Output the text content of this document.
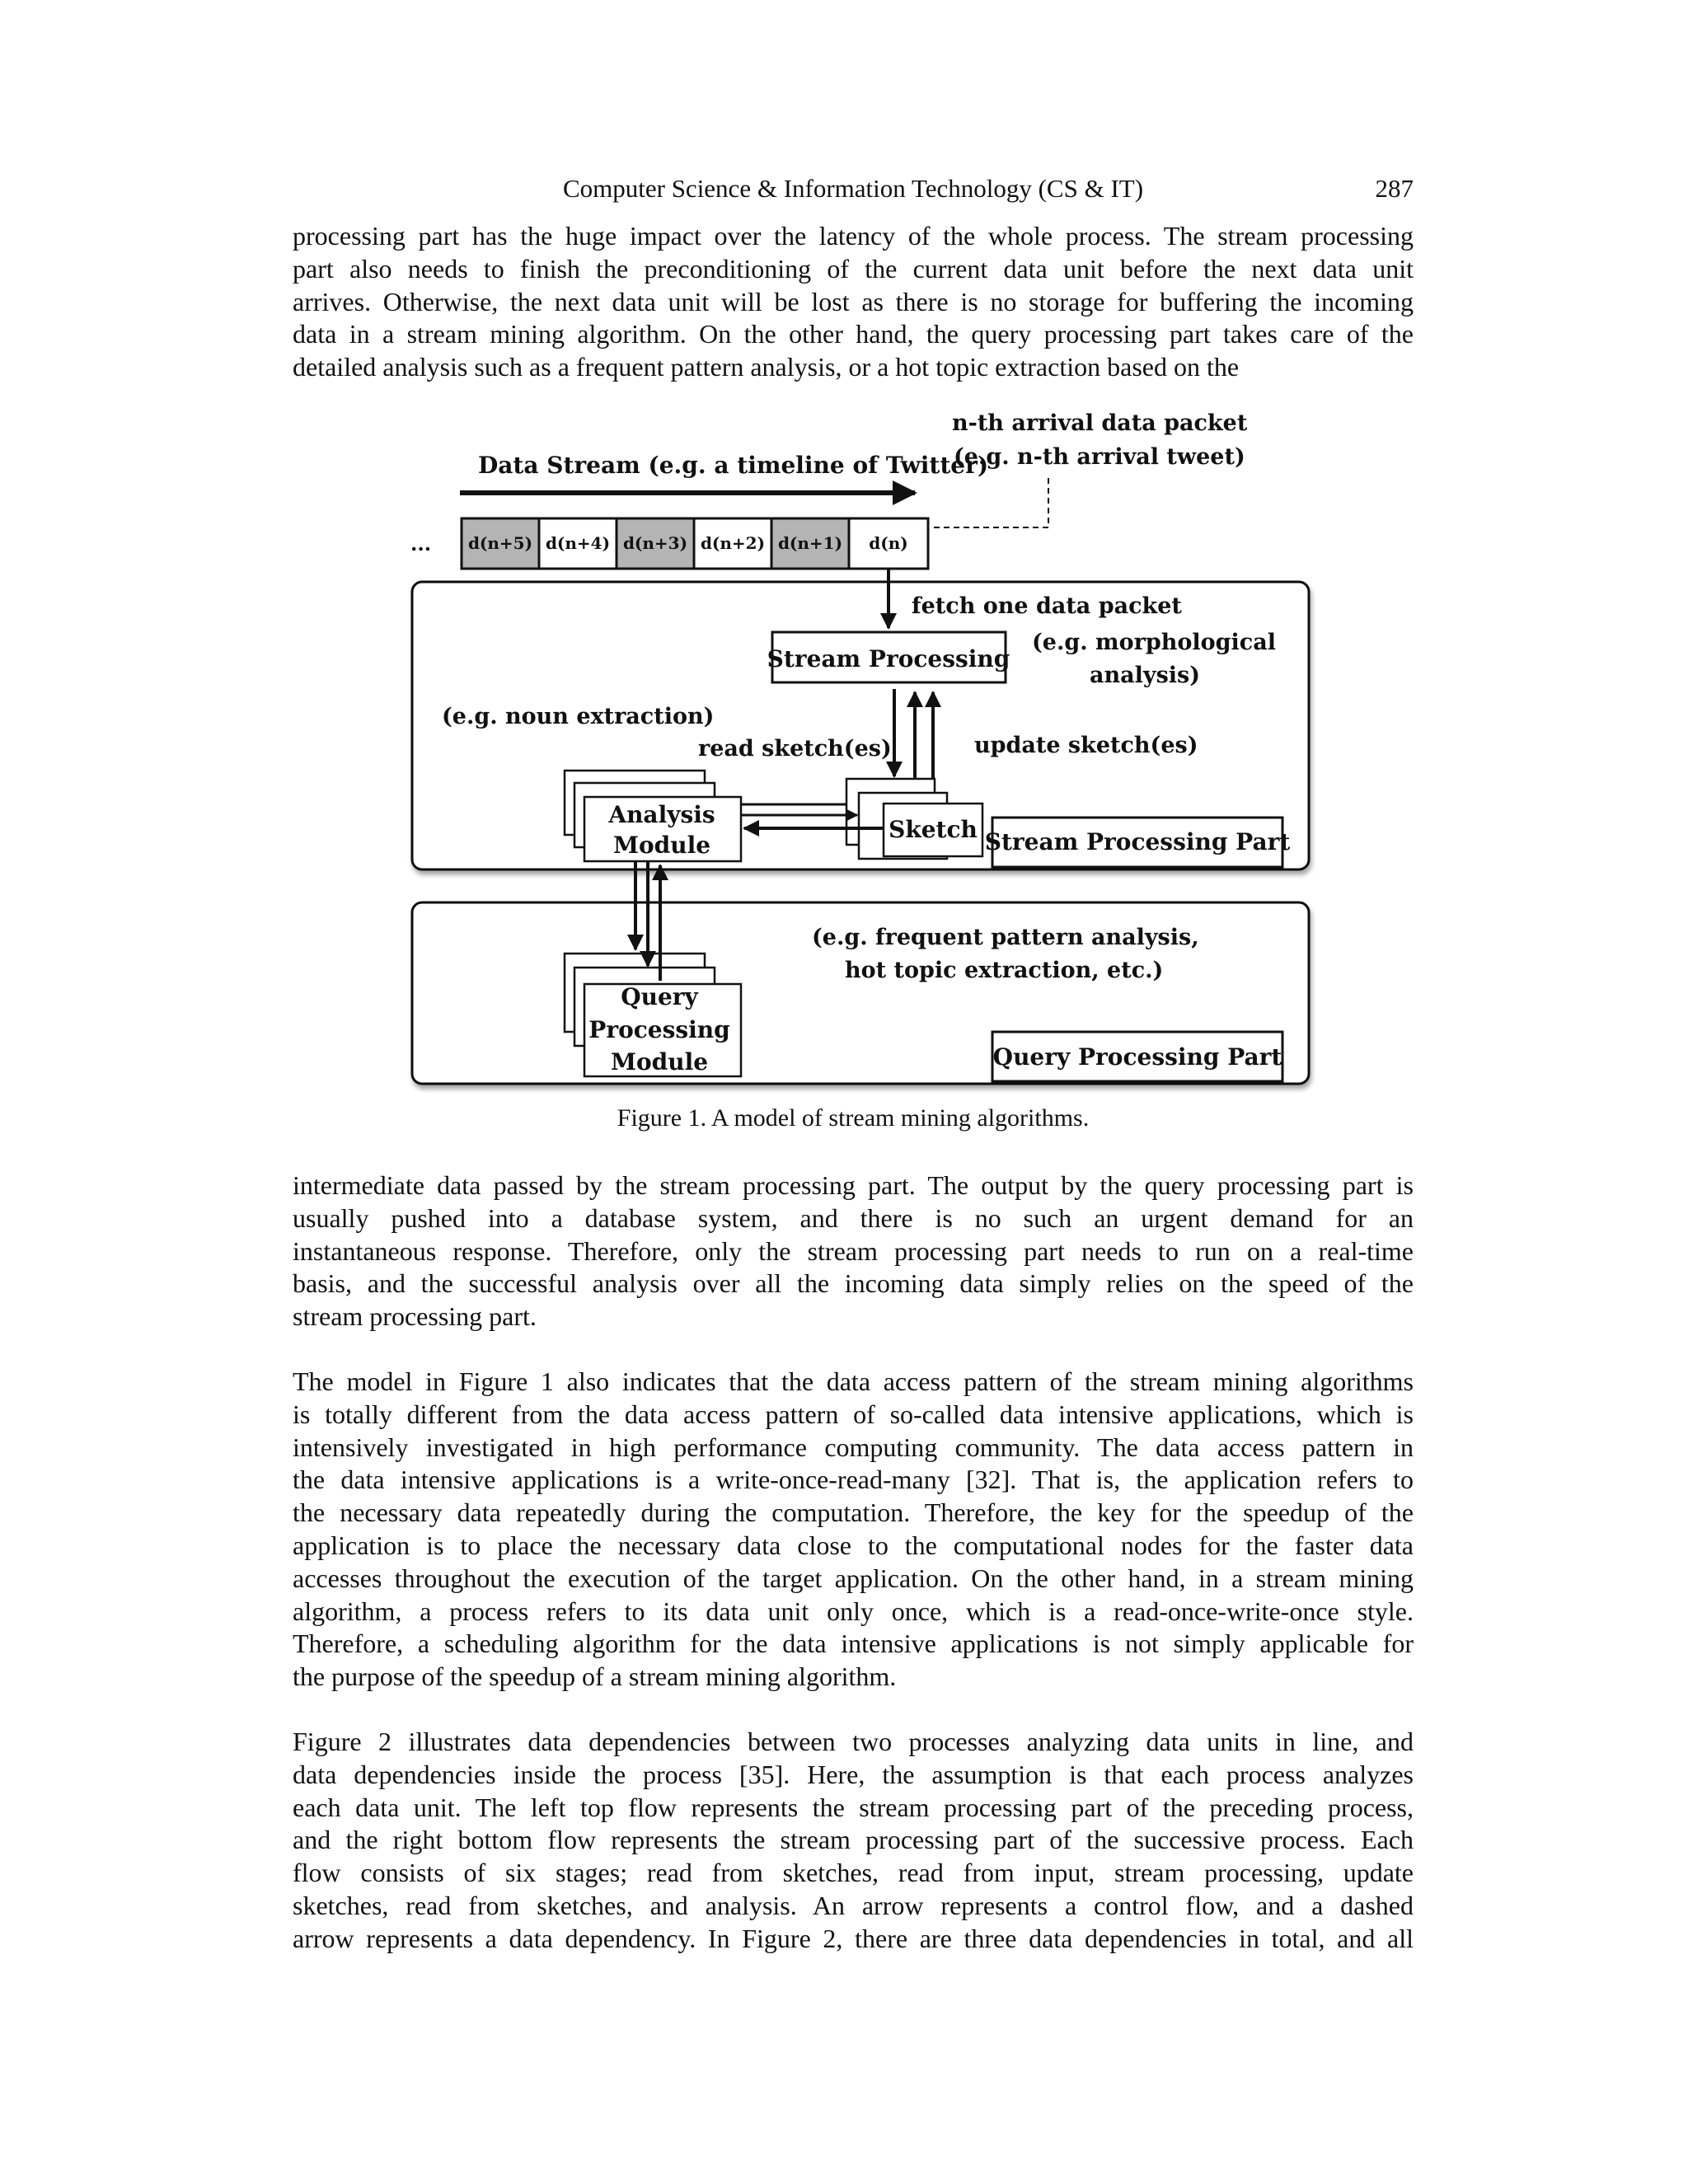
Computer Science & Information Technology (CS & IT)	287
processing part has the huge impact over the latency of the whole process. The stream processing
part also needs to finish the preconditioning of the current data unit before the next data unit
arrives. Otherwise, the next data unit will be lost as there is no storage for buffering the incoming
data in a stream mining algorithm. On the other hand, the query processing part takes care of the
detailed analysis such as a frequent pattern analysis, or a hot topic extraction based on the
n-th arrival data packet
(e.g. n-th arrival tweet)
Data Stream (e.g. a timeline of Twitter)
... d(n+5) d(n+4) d(n+3) d(n+2) d(n+1) d(n)
fetch one data packet
Stream Processing
(e.g. morphological
analysis)
(e.g. noun extraction)
read sketch(es)	update sketch(es)
Sketch
Analysis
Module	Stream Processing Part
Query
Processing
Module
(e.g. frequent pattern analysis,
hot topic extraction, etc.)
Query Processing Part
Figure 1. A model of stream mining algorithms.
intermediate data passed by the stream processing part. The output by the query processing part is
usually pushed into a database system, and there is no such an urgent demand for an
instantaneous response. Therefore, only the stream processing part needs to run on a real-time
basis, and the successful analysis over all the incoming data simply relies on the speed of the
stream processing part.
The model in Figure 1 also indicates that the data access pattern of the stream mining algorithms
is totally different from the data access pattern of so-called data intensive applications, which is
intensively investigated in high performance computing community. The data access pattern in
the data intensive applications is a write-once-read-many [32]. That is, the application refers to
the necessary data repeatedly during the computation. Therefore, the key for the speedup of the
application is to place the necessary data close to the computational nodes for the faster data
accesses throughout the execution of the target application. On the other hand, in a stream mining
algorithm, a process refers to its data unit only once, which is a read-once-write-once style.
Therefore, a scheduling algorithm for the data intensive applications is not simply applicable for
the purpose of the speedup of a stream mining algorithm.
Figure 2 illustrates data dependencies between two processes analyzing data units in line, and
data dependencies inside the process [35]. Here, the assumption is that each process analyzes
each data unit. The left top flow represents the stream processing part of the preceding process,
and the right bottom flow represents the stream processing part of the successive process. Each
flow consists of six stages; read from sketches, read from input, stream processing, update
sketches, read from sketches, and analysis. An arrow represents a control flow, and a dashed
arrow represents a data dependency. In Figure 2, there are three data dependencies in total, and all
